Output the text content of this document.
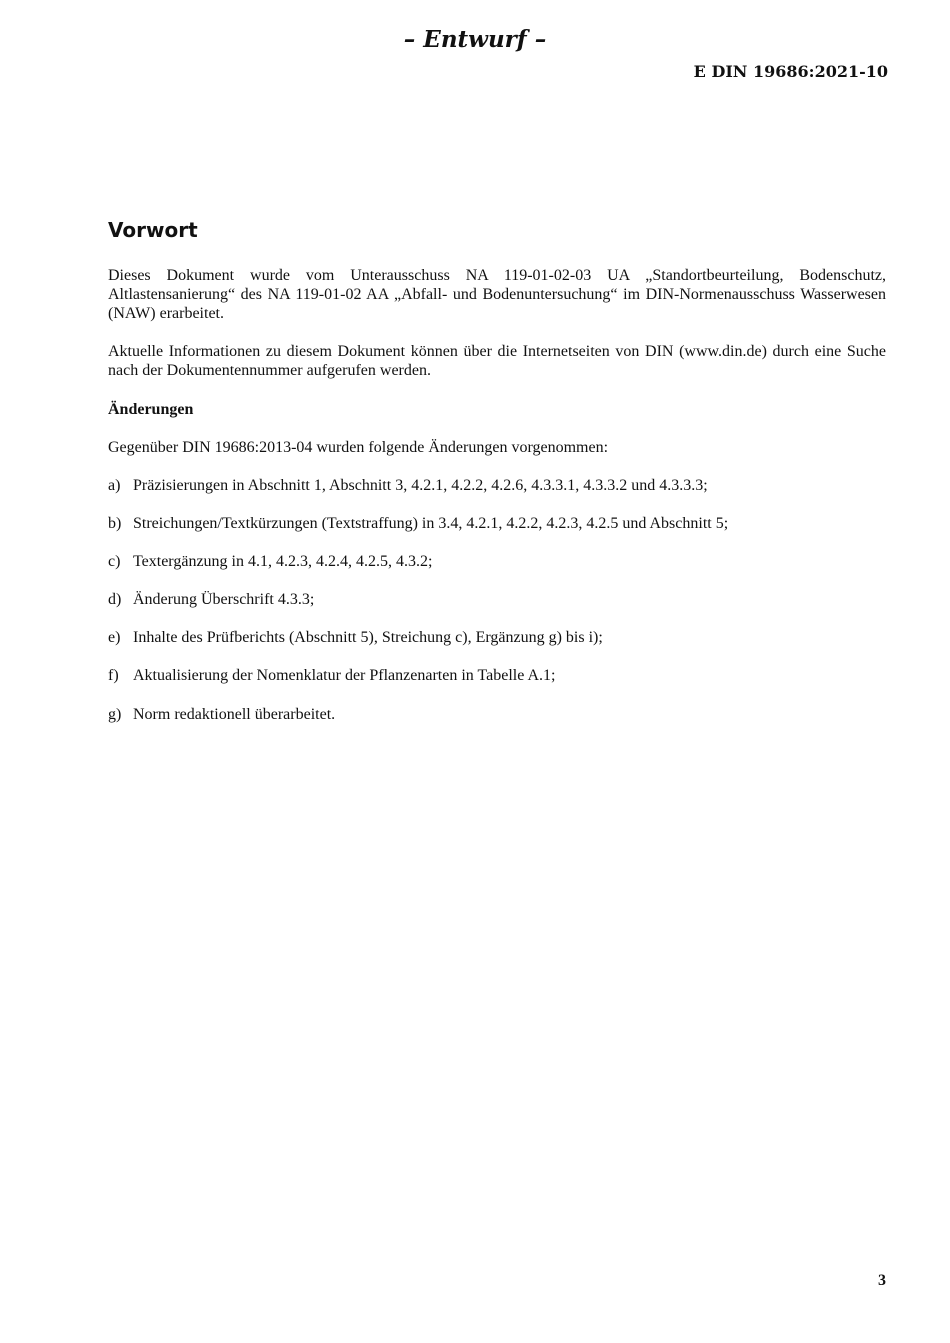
– Entwurf –
E DIN 19686:2021-10
Vorwort

Dieses Dokument wurde vom Unterausschuss NA 119-01-02-03 UA „Standortbeurteilung, Bodenschutz, Altlastensanierung“ des NA 119-01-02 AA „Abfall- und Bodenuntersuchung“ im DIN-Normenausschuss Wasserwesen (NAW) erarbeitet.

Aktuelle Informationen zu diesem Dokument können über die Internetseiten von DIN (www.din.de) durch eine Suche nach der Dokumentennummer aufgerufen werden.

Änderungen

Gegenüber DIN 19686:2013-04 wurden folgende Änderungen vorgenommen:

a) Präzisierungen in Abschnitt 1, Abschnitt 3, 4.2.1, 4.2.2, 4.2.6, 4.3.3.1, 4.3.3.2 und 4.3.3.3;
b) Streichungen/Textkürzungen (Textstraffung) in 3.4, 4.2.1, 4.2.2, 4.2.3, 4.2.5 und Abschnitt 5;
c) Textergänzung in 4.1, 4.2.3, 4.2.4, 4.2.5, 4.3.2;
d) Änderung Überschrift 4.3.3;
e) Inhalte des Prüfberichts (Abschnitt 5), Streichung c), Ergänzung g) bis i);
f) Aktualisierung der Nomenklatur der Pflanzenarten in Tabelle A.1;
g) Norm redaktionell überarbeitet.
3
